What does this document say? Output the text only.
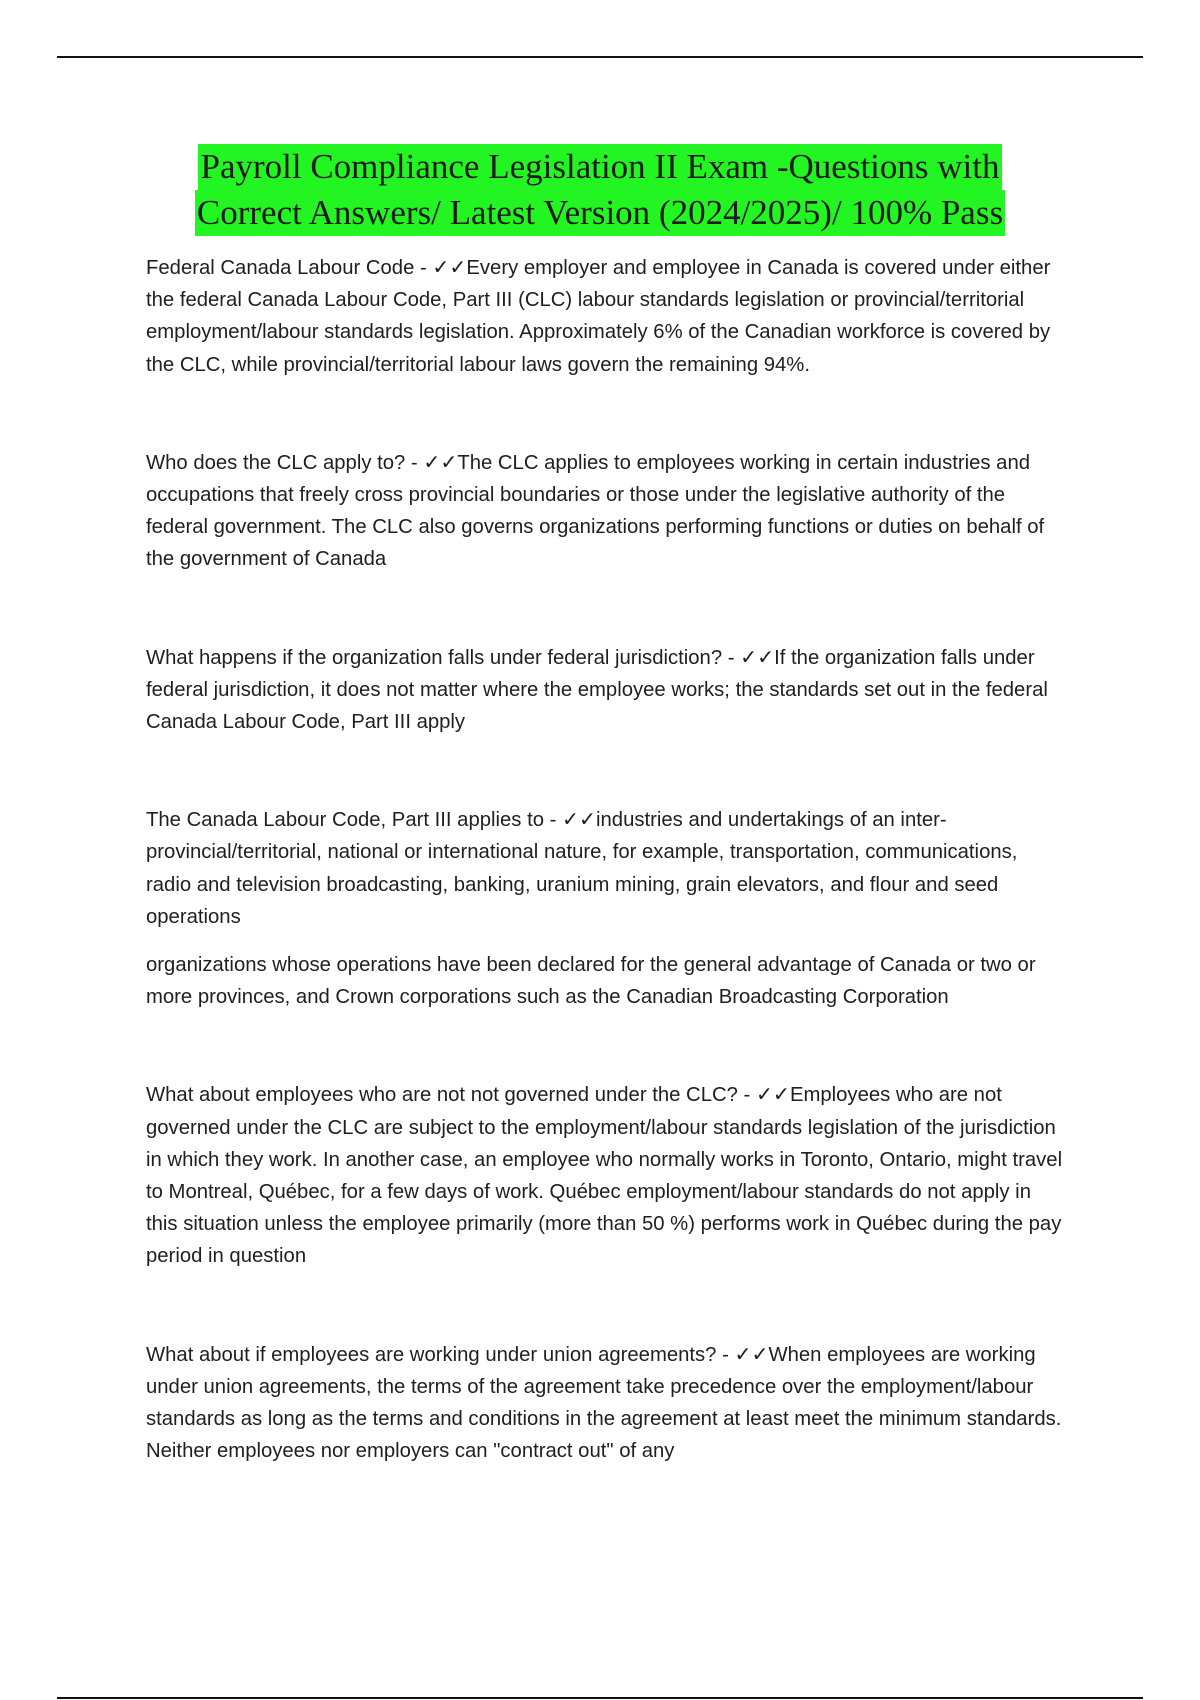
Payroll Compliance Legislation II Exam -Questions with
Correct Answers/ Latest Version (2024/2025)/ 100% Pass

Federal Canada Labour Code - ✓✓Every employer and employee in Canada is covered under either the federal Canada Labour Code, Part III (CLC) labour standards legislation or provincial/territorial employment/labour standards legislation. Approximately 6% of the Canadian workforce is covered by the CLC, while provincial/territorial labour laws govern the remaining 94%.

Who does the CLC apply to? - ✓✓The CLC applies to employees working in certain industries and occupations that freely cross provincial boundaries or those under the legislative authority of the federal government. The CLC also governs organizations performing functions or duties on behalf of the government of Canada

What happens if the organization falls under federal jurisdiction? - ✓✓If the organization falls under federal jurisdiction, it does not matter where the employee works; the standards set out in the federal Canada Labour Code, Part III apply

The Canada Labour Code, Part III applies to - ✓✓industries and undertakings of an inter-provincial/territorial, national or international nature, for example, transportation, communications, radio and television broadcasting, banking, uranium mining, grain elevators, and flour and seed operations

organizations whose operations have been declared for the general advantage of Canada or two or more provinces, and Crown corporations such as the Canadian Broadcasting Corporation

What about employees who are not not governed under the CLC? - ✓✓Employees who are not governed under the CLC are subject to the employment/labour standards legislation of the jurisdiction in which they work. In another case, an employee who normally works in Toronto, Ontario, might travel to Montreal, Québec, for a few days of work. Québec employment/labour standards do not apply in this situation unless the employee primarily (more than 50 %) performs work in Québec during the pay period in question

What about if employees are working under union agreements? - ✓✓When employees are working under union agreements, the terms of the agreement take precedence over the employment/labour standards as long as the terms and conditions in the agreement at least meet the minimum standards. Neither employees nor employers can "contract out" of any
